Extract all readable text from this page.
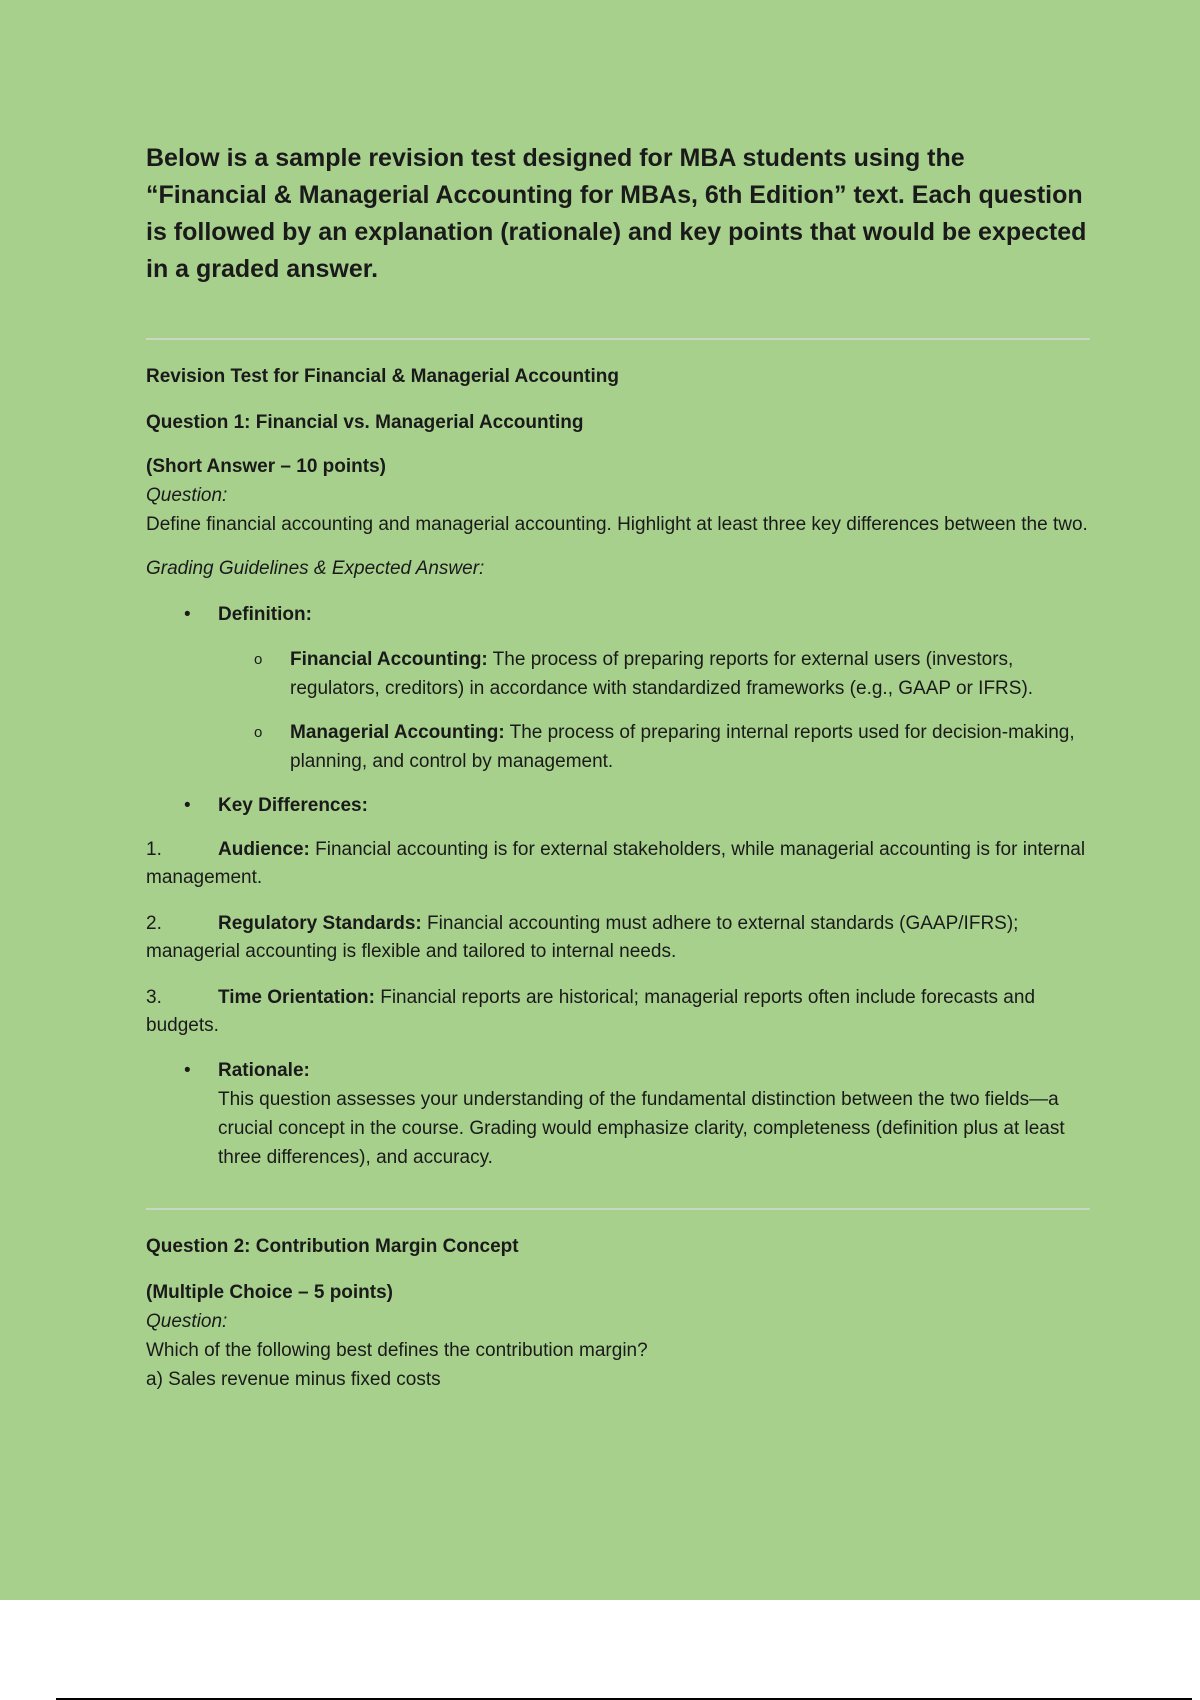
Below is a sample revision test designed for MBA students using the “Financial & Managerial Accounting for MBAs, 6th Edition” text. Each question is followed by an explanation (rationale) and key points that would be expected in a graded answer.

Revision Test for Financial & Managerial Accounting

Question 1: Financial vs. Managerial Accounting

(Short Answer – 10 points)

Question:

Define financial accounting and managerial accounting. Highlight at least three key differences between the two.

Grading Guidelines & Expected Answer:

• Definition:
o Financial Accounting: The process of preparing reports for external users (investors, regulators, creditors) in accordance with standardized frameworks (e.g., GAAP or IFRS).
o Managerial Accounting: The process of preparing internal reports used for decision-making, planning, and control by management.
• Key Differences:
1.	Audience: Financial accounting is for external stakeholders, while managerial accounting is for internal management.
2.	Regulatory Standards: Financial accounting must adhere to external standards (GAAP/IFRS); managerial accounting is flexible and tailored to internal needs.
3.	Time Orientation: Financial reports are historical; managerial reports often include forecasts and budgets.
• Rationale:
This question assesses your understanding of the fundamental distinction between the two fields—a crucial concept in the course. Grading would emphasize clarity, completeness (definition plus at least three differences), and accuracy.

Question 2: Contribution Margin Concept

(Multiple Choice – 5 points)

Question:

Which of the following best defines the contribution margin?

a) Sales revenue minus fixed costs
